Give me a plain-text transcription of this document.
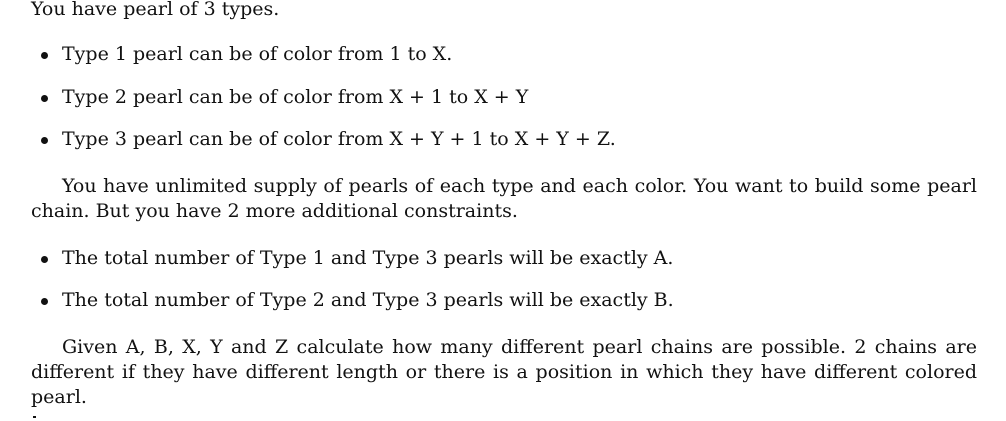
You have pearl of 3 types.
Type 1 pearl can be of color from 1 to X.
Type 2 pearl can be of color from X + 1 to X + Y
Type 3 pearl can be of color from X + Y + 1 to X + Y + Z.
You have unlimited supply of pearls of each type and each color. You want to build some pearl chain. But you have 2 more additional constraints.
The total number of Type 1 and Type 3 pearls will be exactly A.
The total number of Type 2 and Type 3 pearls will be exactly B.
Given A, B, X, Y and Z calculate how many different pearl chains are possible. 2 chains are different if they have different length or there is a position in which they have different colored pearl.
